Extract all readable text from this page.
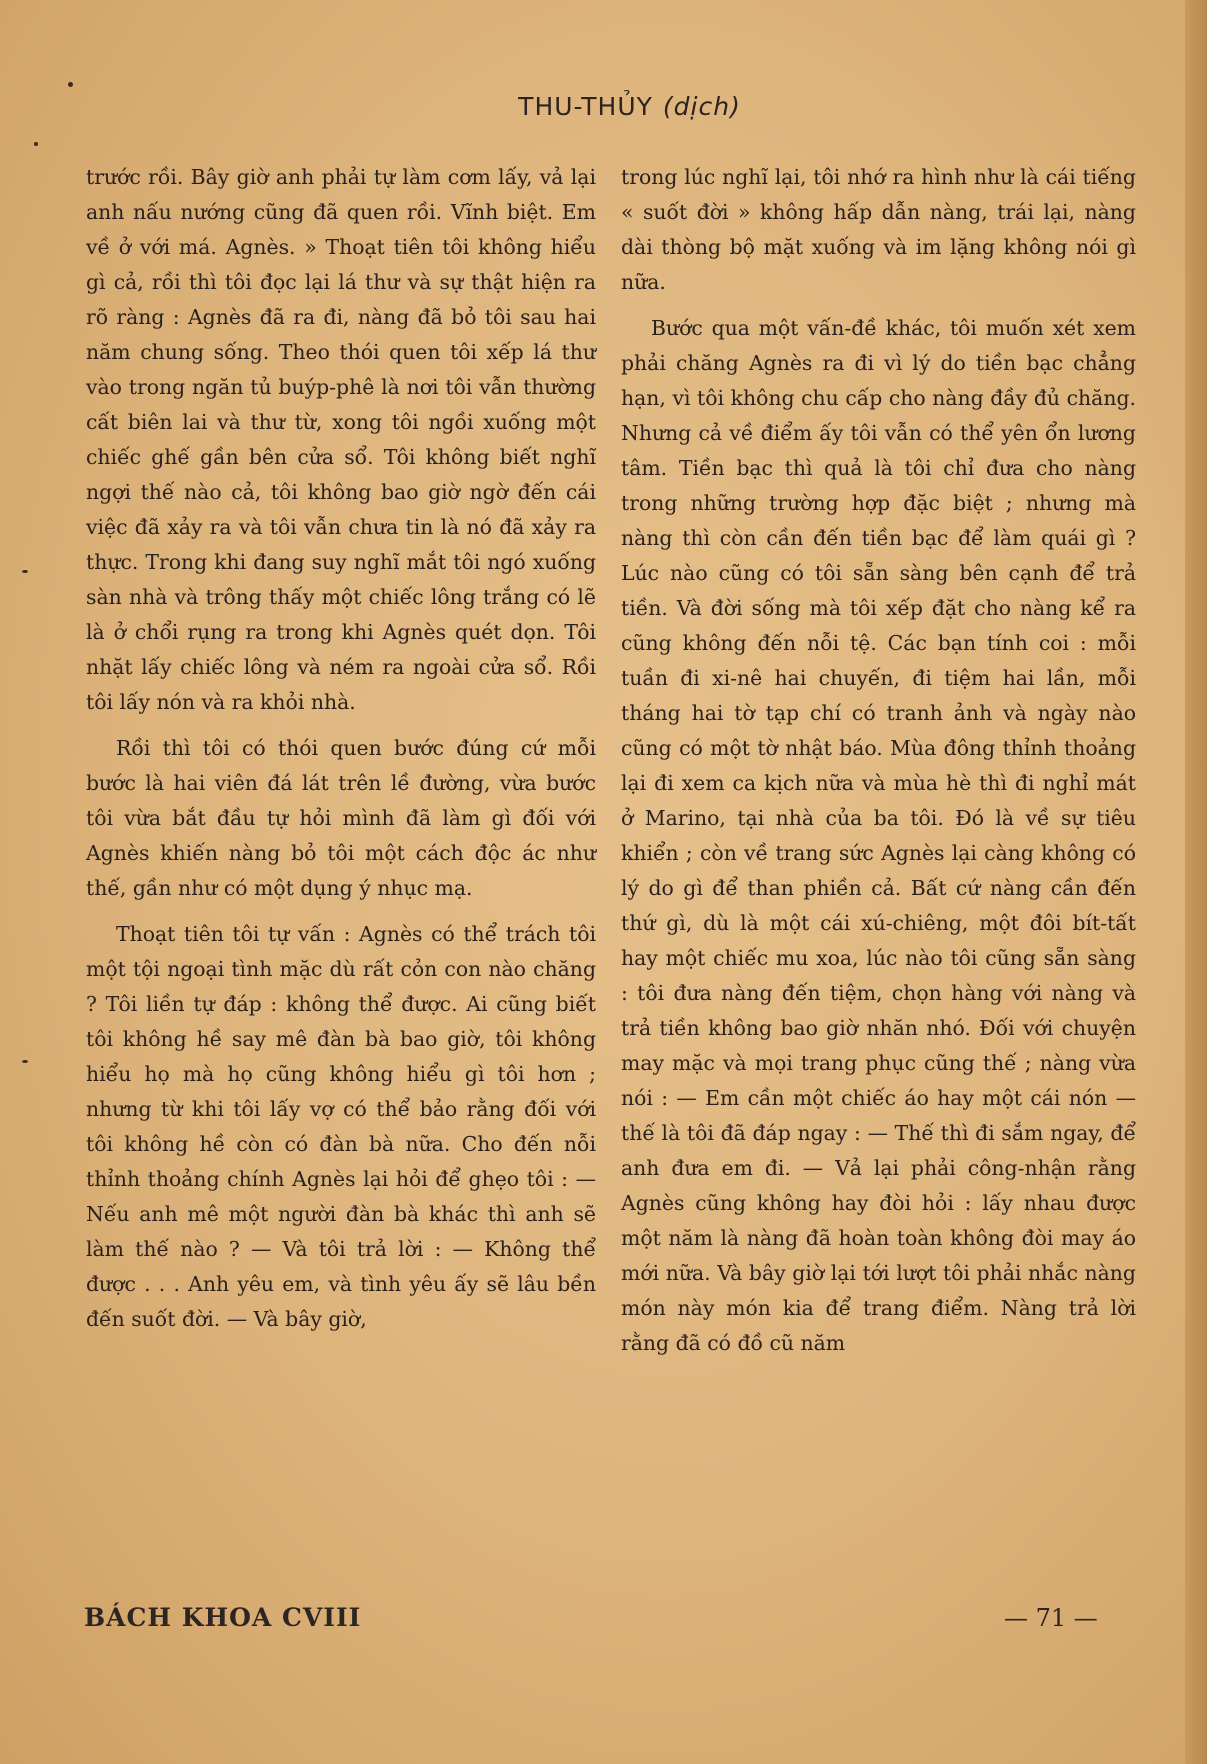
THU-THỦY (dịch)

trước rồi. Bây giờ anh phải tự làm cơm lấy, vả lại anh nấu nướng cũng đã quen rồi. Vĩnh biệt. Em về ở với má. Agnès. » Thoạt tiên tôi không hiểu gì cả, rồi thì tôi đọc lại lá thư và sự thật hiện ra rõ ràng : Agnès đã ra đi, nàng đã bỏ tôi sau hai năm chung sống. Theo thói quen tôi xếp lá thư vào trong ngăn tủ buýp-phê là nơi tôi vẫn thường cất biên lai và thư từ, xong tôi ngồi xuống một chiếc ghế gần bên cửa sổ. Tôi không biết nghĩ ngợi thế nào cả, tôi không bao giờ ngờ đến cái việc đã xảy ra và tôi vẫn chưa tin là nó đã xảy ra thực. Trong khi đang suy nghĩ mắt tôi ngó xuống sàn nhà và trông thấy một chiếc lông trắng có lẽ là ở chổi rụng ra trong khi Agnès quét dọn. Tôi nhặt lấy chiếc lông và ném ra ngoài cửa sổ. Rồi tôi lấy nón và ra khỏi nhà.

Rồi thì tôi có thói quen bước đúng cứ mỗi bước là hai viên đá lát trên lề đường, vừa bước tôi vừa bắt đầu tự hỏi mình đã làm gì đối với Agnès khiến nàng bỏ tôi một cách độc ác như thế, gần như có một dụng ý nhục mạ.

Thoạt tiên tôi tự vấn : Agnès có thể trách tôi một tội ngoại tình mặc dù rất cỏn con nào chăng ? Tôi liền tự đáp : không thể được. Ai cũng biết tôi không hề say mê đàn bà bao giờ, tôi không hiểu họ mà họ cũng không hiểu gì tôi hơn ; nhưng từ khi tôi lấy vợ có thể bảo rằng đối với tôi không hề còn có đàn bà nữa. Cho đến nỗi thỉnh thoảng chính Agnès lại hỏi để ghẹo tôi : — Nếu anh mê một người đàn bà khác thì anh sẽ làm thế nào ? — Và tôi trả lời : — Không thể được . . . Anh yêu em, và tình yêu ấy sẽ lâu bền đến suốt đời. — Và bây giờ,

trong lúc nghĩ lại, tôi nhớ ra hình như là cái tiếng « suốt đời » không hấp dẫn nàng, trái lại, nàng dài thòng bộ mặt xuống và im lặng không nói gì nữa.

Bước qua một vấn-đề khác, tôi muốn xét xem phải chăng Agnès ra đi vì lý do tiền bạc chẳng hạn, vì tôi không chu cấp cho nàng đầy đủ chăng. Nhưng cả về điểm ấy tôi vẫn có thể yên ổn lương tâm. Tiền bạc thì quả là tôi chỉ đưa cho nàng trong những trường hợp đặc biệt ; nhưng mà nàng thì còn cần đến tiền bạc để làm quái gì ? Lúc nào cũng có tôi sẵn sàng bên cạnh để trả tiền. Và đời sống mà tôi xếp đặt cho nàng kể ra cũng không đến nỗi tệ. Các bạn tính coi : mỗi tuần đi xi-nê hai chuyến, đi tiệm hai lần, mỗi tháng hai tờ tạp chí có tranh ảnh và ngày nào cũng có một tờ nhật báo. Mùa đông thỉnh thoảng lại đi xem ca kịch nữa và mùa hè thì đi nghỉ mát ở Marino, tại nhà của ba tôi. Đó là về sự tiêu khiển ; còn về trang sức Agnès lại càng không có lý do gì để than phiền cả. Bất cứ nàng cần đến thứ gì, dù là một cái xú-chiêng, một đôi bít-tất hay một chiếc mu xoa, lúc nào tôi cũng sẵn sàng : tôi đưa nàng đến tiệm, chọn hàng với nàng và trả tiền không bao giờ nhăn nhó. Đối với chuyện may mặc và mọi trang phục cũng thế ; nàng vừa nói : — Em cần một chiếc áo hay một cái nón — thế là tôi đã đáp ngay : — Thế thì đi sắm ngay, để anh đưa em đi. — Vả lại phải công-nhận rằng Agnès cũng không hay đòi hỏi : lấy nhau được một năm là nàng đã hoàn toàn không đòi may áo mới nữa. Và bây giờ lại tới lượt tôi phải nhắc nàng món này món kia để trang điểm. Nàng trả lời rằng đã có đồ cũ năm

BÁCH KHOA CVIII	— 71 —
